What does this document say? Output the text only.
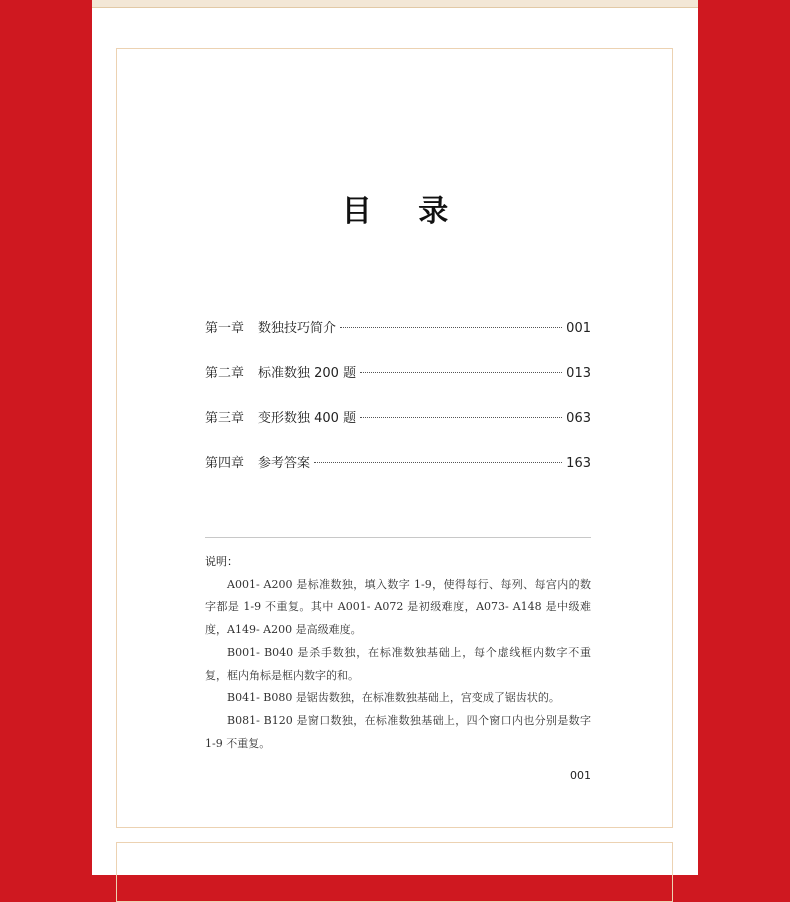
目 录
第一章	数独技巧简介	001
第二章	标准数独 200 题	013
第三章	变形数独 400 题	063
第四章	参考答案	163
说明：

A001- A200 是标准数独，填入数字 1-9，使得每行、每列、每宫内的数字都是 1-9 不重复。其中 A001- A072 是初级难度，A073- A148 是中级难度，A149- A200 是高级难度。

B001- B040 是杀手数独，在标准数独基础上，每个虚线框内数字不重复，框内角标是框内数字的和。

B041- B080 是锯齿数独，在标准数独基础上，宫变成了锯齿状的。

B081- B120 是窗口数独，在标准数独基础上，四个窗口内也分别是数字 1-9 不重复。

001
